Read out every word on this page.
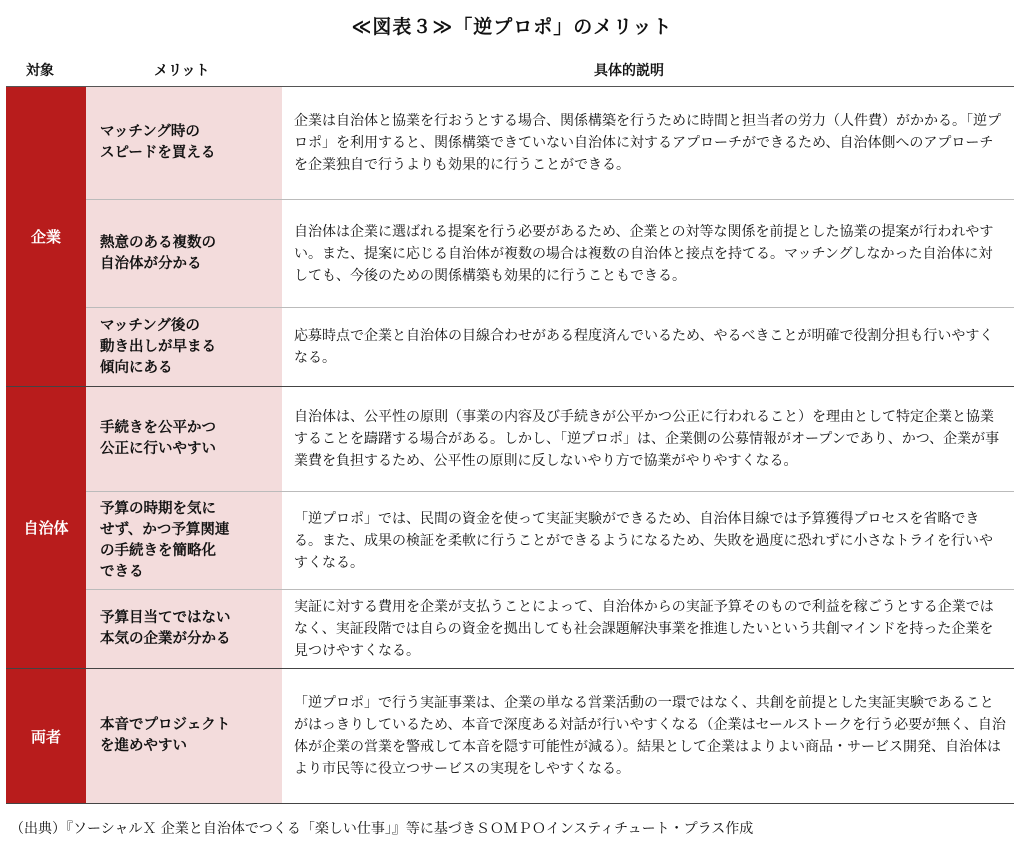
≪図表３≫「逆プロポ」のメリット
対象	メリット	具体的説明
企業
マッチング時の
スピードを買える
企業は自治体と協業を行おうとする場合、関係構築を行うために時間と担当者の労力（人件費）がかかる。「逆プロポ」を利用すると、関係構築できていない自治体に対するアプローチができるため、自治体側へのアプローチを企業独自で行うよりも効果的に行うことができる。
熱意のある複数の
自治体が分かる
自治体は企業に選ばれる提案を行う必要があるため、企業との対等な関係を前提とした協業の提案が行われやすい。また、提案に応じる自治体が複数の場合は複数の自治体と接点を持てる。マッチングしなかった自治体に対しても、今後のための関係構築も効果的に行うこともできる。
マッチング後の
動き出しが早まる
傾向にある
応募時点で企業と自治体の目線合わせがある程度済んでいるため、やるべきことが明確で役割分担も行いやすくなる。
自治体
手続きを公平かつ
公正に行いやすい
自治体は、公平性の原則（事業の内容及び手続きが公平かつ公正に行われること）を理由として特定企業と協業することを躊躇する場合がある。しかし、「逆プロポ」は、企業側の公募情報がオープンであり、かつ、企業が事業費を負担するため、公平性の原則に反しないやり方で協業がやりやすくなる。
予算の時期を気に
せず、かつ予算関連
の手続きを簡略化
できる
「逆プロポ」では、民間の資金を使って実証実験ができるため、自治体目線では予算獲得プロセスを省略できる。また、成果の検証を柔軟に行うことができるようになるため、失敗を過度に恐れずに小さなトライを行いやすくなる。
予算目当てではない
本気の企業が分かる
実証に対する費用を企業が支払うことによって、自治体からの実証予算そのもので利益を稼ごうとする企業ではなく、実証段階では自らの資金を拠出しても社会課題解決事業を推進したいという共創マインドを持った企業を見つけやすくなる。
両者
本音でプロジェクト
を進めやすい
「逆プロポ」で行う実証事業は、企業の単なる営業活動の一環ではなく、共創を前提とした実証実験であることがはっきりしているため、本音で深度ある対話が行いやすくなる（企業はセールストークを行う必要が無く、自治体が企業の営業を警戒して本音を隠す可能性が減る）。結果として企業はよりよい商品・サービス開発、自治体はより市民等に役立つサービスの実現をしやすくなる。
（出典）『ソーシャルＸ 企業と自治体でつくる「楽しい仕事」』等に基づきＳＯＭＰＯインスティチュート・プラス作成
